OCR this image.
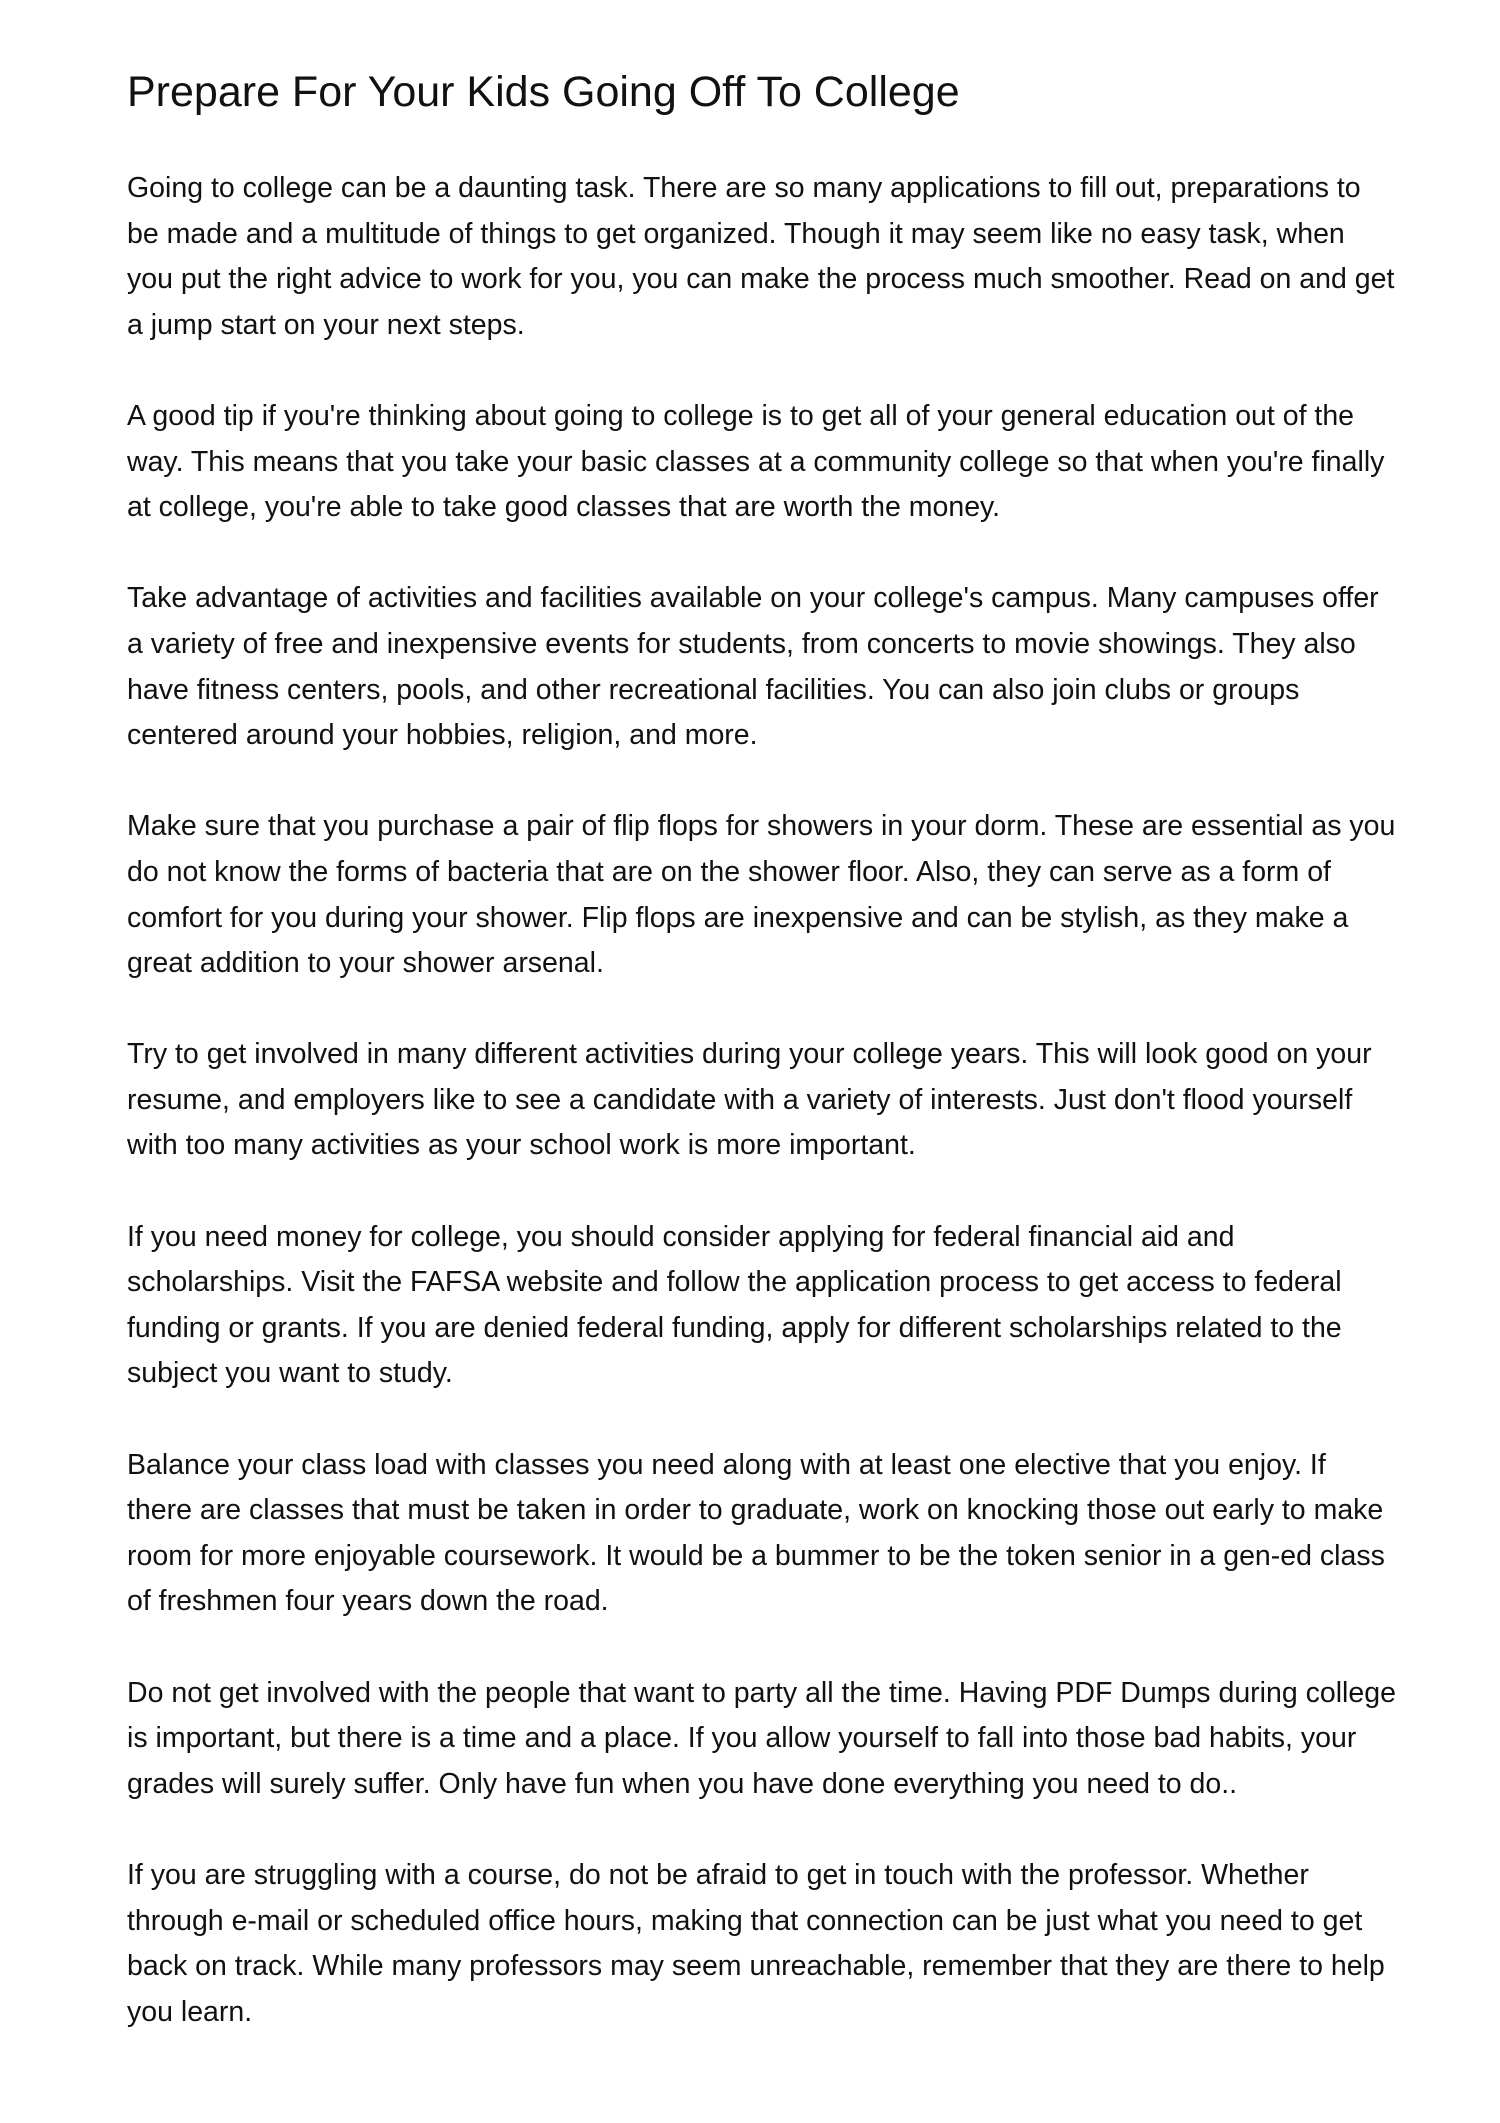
Prepare For Your Kids Going Off To College

Going to college can be a daunting task. There are so many applications to fill out, preparations to be made and a multitude of things to get organized. Though it may seem like no easy task, when you put the right advice to work for you, you can make the process much smoother. Read on and get a jump start on your next steps.

A good tip if you're thinking about going to college is to get all of your general education out of the way. This means that you take your basic classes at a community college so that when you're finally at college, you're able to take good classes that are worth the money.

Take advantage of activities and facilities available on your college's campus. Many campuses offer a variety of free and inexpensive events for students, from concerts to movie showings. They also have fitness centers, pools, and other recreational facilities. You can also join clubs or groups centered around your hobbies, religion, and more.

Make sure that you purchase a pair of flip flops for showers in your dorm. These are essential as you do not know the forms of bacteria that are on the shower floor. Also, they can serve as a form of comfort for you during your shower. Flip flops are inexpensive and can be stylish, as they make a great addition to your shower arsenal.

Try to get involved in many different activities during your college years. This will look good on your resume, and employers like to see a candidate with a variety of interests. Just don't flood yourself with too many activities as your school work is more important.

If you need money for college, you should consider applying for federal financial aid and scholarships. Visit the FAFSA website and follow the application process to get access to federal funding or grants. If you are denied federal funding, apply for different scholarships related to the subject you want to study.

Balance your class load with classes you need along with at least one elective that you enjoy. If there are classes that must be taken in order to graduate, work on knocking those out early to make room for more enjoyable coursework. It would be a bummer to be the token senior in a gen-ed class of freshmen four years down the road.

Do not get involved with the people that want to party all the time. Having PDF Dumps during college is important, but there is a time and a place. If you allow yourself to fall into those bad habits, your grades will surely suffer. Only have fun when you have done everything you need to do..

If you are struggling with a course, do not be afraid to get in touch with the professor. Whether through e-mail or scheduled office hours, making that connection can be just what you need to get back on track. While many professors may seem unreachable, remember that they are there to help you learn.
